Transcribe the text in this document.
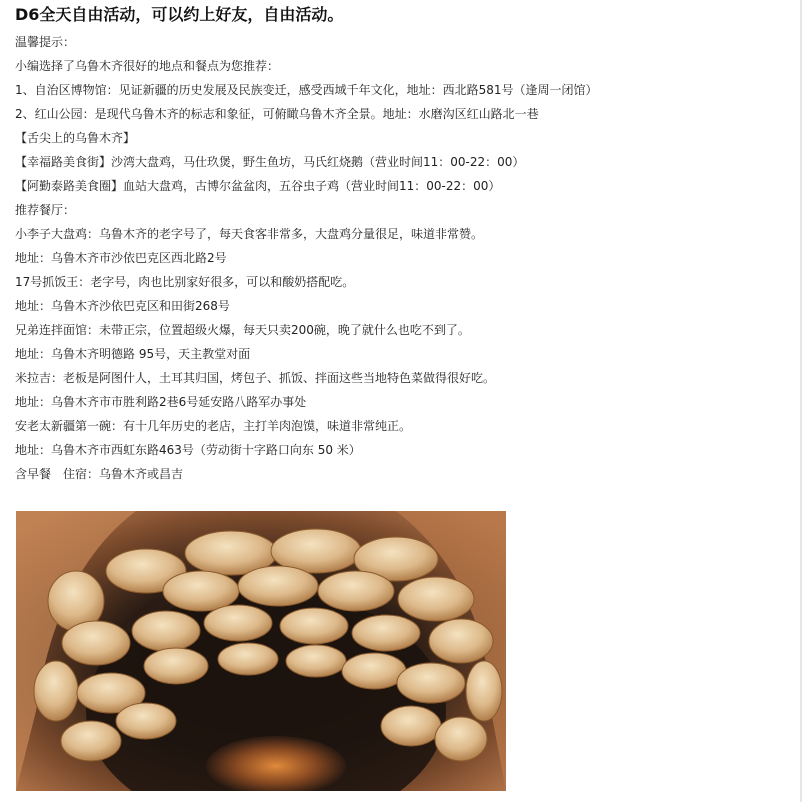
D6全天自由活动，可以约上好友，自由活动。
温馨提示：
小编选择了乌鲁木齐很好的地点和餐点为您推荐：
1、自治区博物馆：见证新疆的历史发展及民族变迁，感受西域千年文化，地址：西北路581号（逢周一闭馆）
2、红山公园：是现代乌鲁木齐的标志和象征，可俯瞰乌鲁木齐全景。地址：水磨沟区红山路北一巷
【舌尖上的乌鲁木齐】
【幸福路美食街】沙湾大盘鸡，马仕玖煲，野生鱼坊，马氏红烧鹅（营业时间11：00-22：00）
【阿勤泰路美食圈】血站大盘鸡，古博尔盆盆肉，五谷虫子鸡（营业时间11：00-22：00）
推荐餐厅：
小李子大盘鸡：乌鲁木齐的老字号了，每天食客非常多，大盘鸡分量很足，味道非常赞。
地址：乌鲁木齐市沙依巴克区西北路2号
17号抓饭王：老字号，肉也比别家好很多，可以和酸奶搭配吃。
地址：乌鲁木齐沙依巴克区和田街268号
兄弟连拌面馆：未带正宗，位置超级火爆，每天只卖200碗，晚了就什么也吃不到了。
地址：乌鲁木齐明德路 95号，天主教堂对面
米拉吉：老板是阿图什人，土耳其归国，烤包子、抓饭、拌面这些当地特色菜做得很好吃。
地址：乌鲁木齐市市胜利路2巷6号延安路八路军办事处
安老太新疆第一碗：有十几年历史的老店，主打羊肉泡馍，味道非常纯正。
地址：乌鲁木齐市西虹东路463号（劳动街十字路口向东 50 米）
含早餐　住宿：乌鲁木齐或昌吉
